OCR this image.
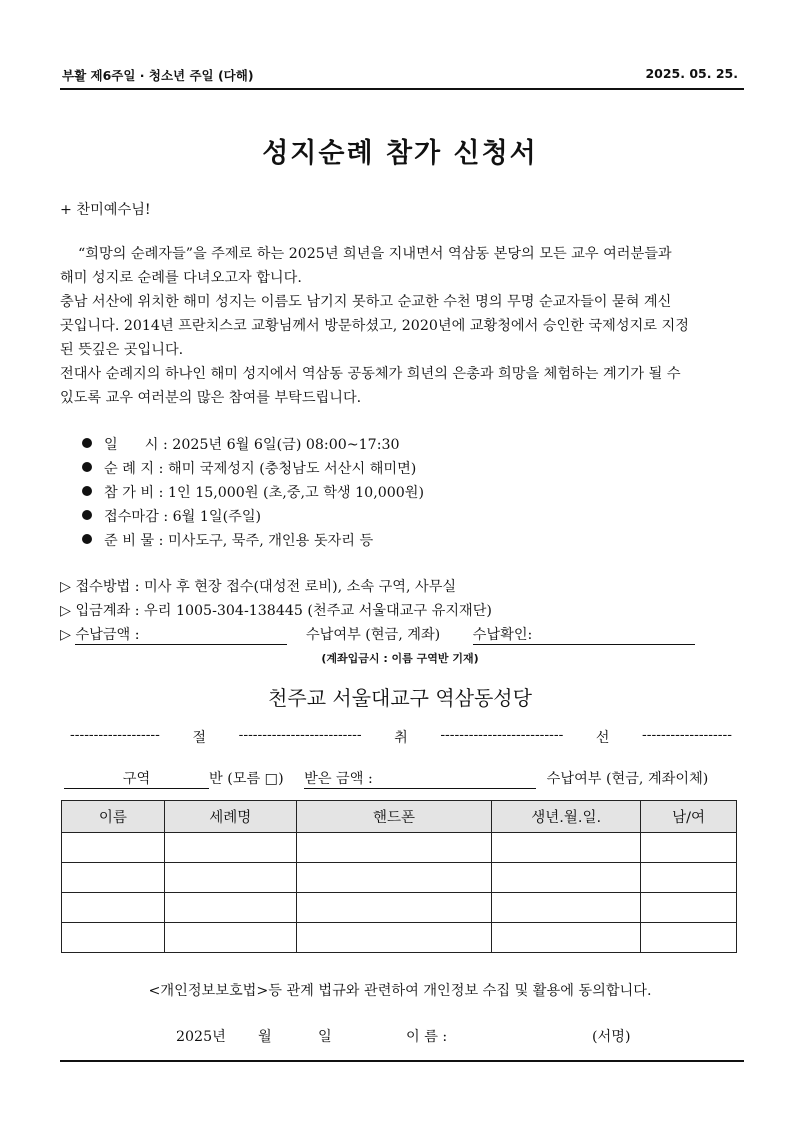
부활 제6주일 · 청소년 주일 (다해)	2025. 05. 25.
성지순례 참가 신청서
+ 찬미예수님!
“희망의 순례자들”을 주제로 하는 2025년 희년을 지내면서 역삼동 본당의 모든 교우 여러분들과
해미 성지로 순례를 다녀오고자 합니다.
충남 서산에 위치한 해미 성지는 이름도 남기지 못하고 순교한 수천 명의 무명 순교자들이 묻혀 계신
곳입니다. 2014년 프란치스코 교황님께서 방문하셨고, 2020년에 교황청에서 승인한 국제성지로 지정
된 뜻깊은 곳입니다.
전대사 순례지의 하나인 해미 성지에서 역삼동 공동체가 희년의 은총과 희망을 체험하는 계기가 될 수
있도록 교우 여러분의 많은 참여를 부탁드립니다.
일      시 : 2025년 6월 6일(금) 08:00~17:30
순 례 지 : 해미 국제성지 (충청남도 서산시 해미면)
참 가 비 : 1인 15,000원 (초,중,고 학생 10,000원)
접수마감 : 6월 1일(주일)
준 비 물 : 미사도구, 묵주, 개인용 돗자리 등
▷ 접수방법 : 미사 후 현장 접수(대성전 로비), 소속 구역, 사무실
▷ 입금계좌 : 우리 1005-304-138445 (천주교 서울대교구 유지재단)
▷ 수납금액 :	수납여부 (현금, 계좌) 수납확인:
(계좌입금시 : 이름 구역반 기재)
천주교 서울대교구 역삼동성당
------------------- 절 -------------------------- 취 -------------------------- 선 -------------------
구역	반 (모름 □) 받은 금액 :	수납여부 (현금, 계좌이체)
이름	세례명	핸드폰	생년.월.일.	남/여

<개인정보보호법>등 관계 법규와 관련하여 개인정보 수집 및 활용에 동의합니다.
2025년 월	일	이 름 :	(서명)
